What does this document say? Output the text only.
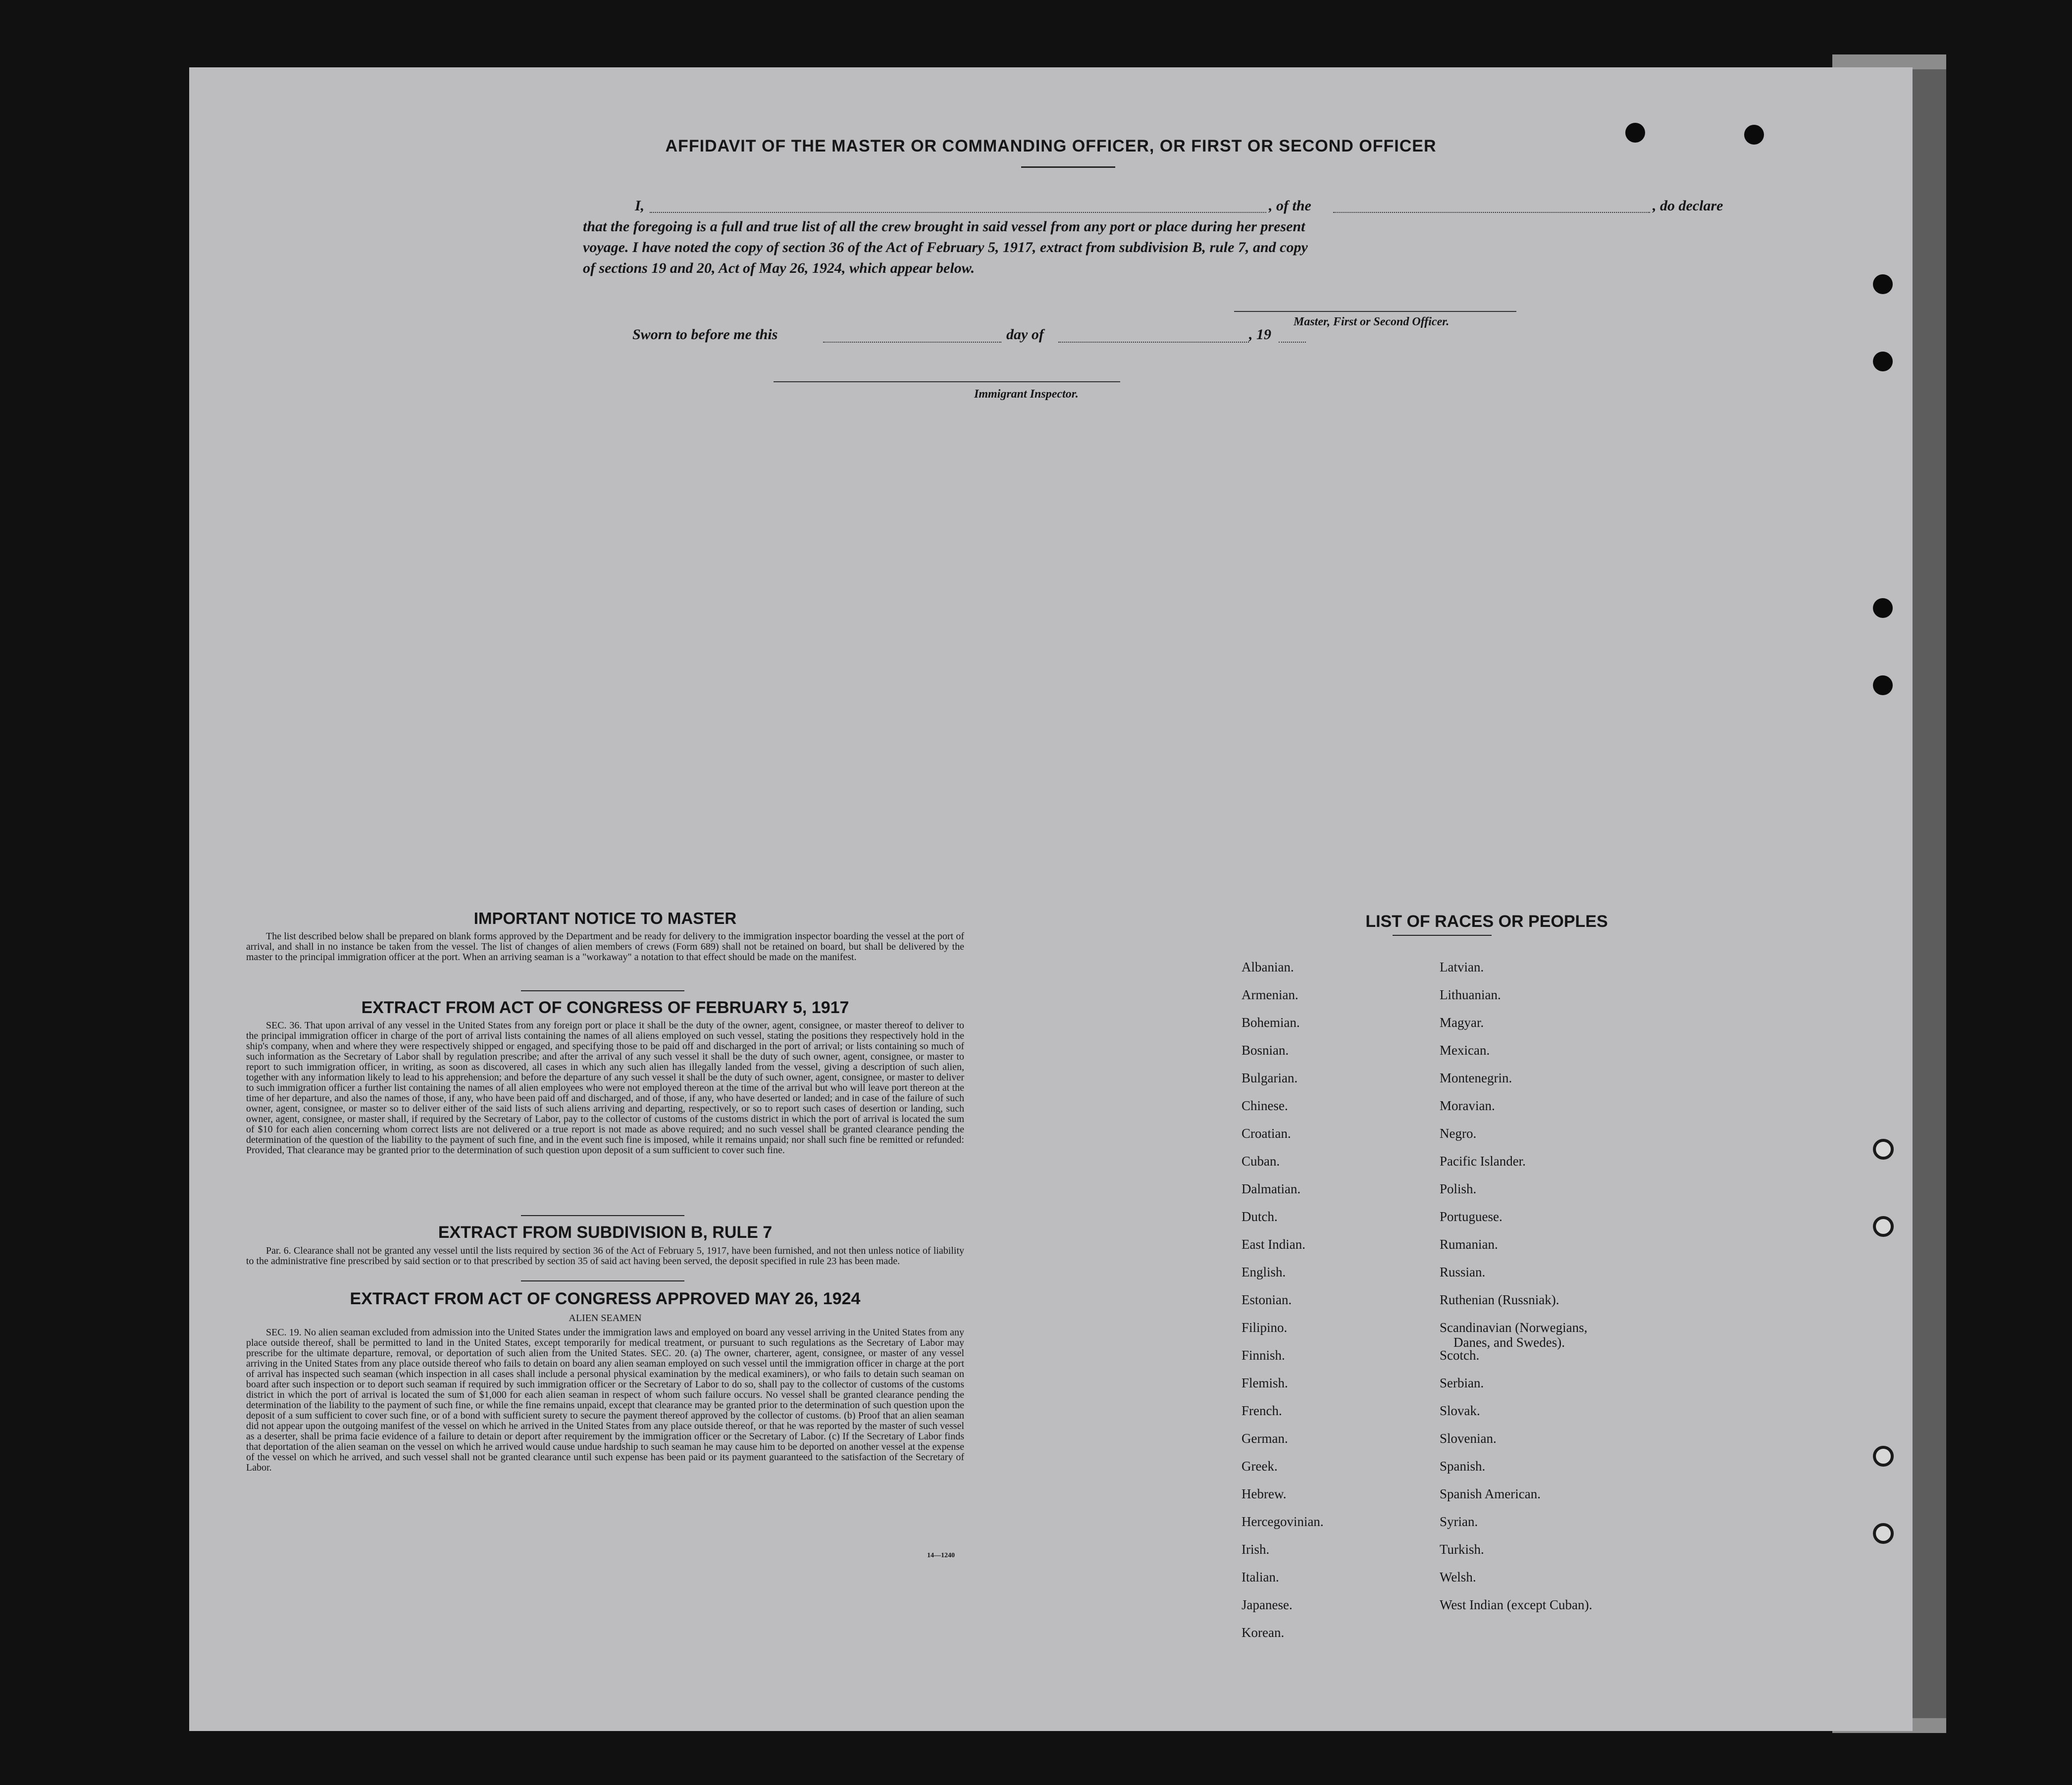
AFFIDAVIT OF THE MASTER OR COMMANDING OFFICER, OR FIRST OR SECOND OFFICER
I,	, of the	, do declare
that the foregoing is a full and true list of all the crew brought in said vessel from any port or place during her present
voyage. I have noted the copy of section 36 of the Act of February 5, 1917, extract from subdivision B, rule 7, and copy
of sections 19 and 20, Act of May 26, 1924, which appear below.
Master, First or Second Officer.
Sworn to before me this	day of	, 19
Immigrant Inspector.
IMPORTANT NOTICE TO MASTER
The list described below shall be prepared on blank forms approved by the Department and be ready for delivery to the immigration inspector boarding the vessel at the port of arrival, and shall in no instance be taken from the vessel. The list of changes of alien members of crews (Form 689) shall not be retained on board, but shall be delivered by the master to the principal immigration officer at the port. When an arriving seaman is a "workaway" a notation to that effect should be made on the manifest.
EXTRACT FROM ACT OF CONGRESS OF FEBRUARY 5, 1917
SEC. 36. That upon arrival of any vessel in the United States from any foreign port or place it shall be the duty of the owner, agent, consignee, or master thereof to deliver to the principal immigration officer in charge of the port of arrival lists containing the names of all aliens employed on such vessel, stating the positions they respectively hold in the ship's company, when and where they were respectively shipped or engaged, and specifying those to be paid off and discharged in the port of arrival; or lists containing so much of such information as the Secretary of Labor shall by regulation prescribe; and after the arrival of any such vessel it shall be the duty of such owner, agent, consignee, or master to report to such immigration officer, in writing, as soon as discovered, all cases in which any such alien has illegally landed from the vessel, giving a description of such alien, together with any information likely to lead to his apprehension; and before the departure of any such vessel it shall be the duty of such owner, agent, consignee, or master to deliver to such immigration officer a further list containing the names of all alien employees who were not employed thereon at the time of the arrival but who will leave port thereon at the time of her departure, and also the names of those, if any, who have been paid off and discharged, and of those, if any, who have deserted or landed; and in case of the failure of such owner, agent, consignee, or master so to deliver either of the said lists of such aliens arriving and departing, respectively, or so to report such cases of desertion or landing, such owner, agent, consignee, or master shall, if required by the Secretary of Labor, pay to the collector of customs of the customs district in which the port of arrival is located the sum of $10 for each alien concerning whom correct lists are not delivered or a true report is not made as above required; and no such vessel shall be granted clearance pending the determination of the question of the liability to the payment of such fine, and in the event such fine is imposed, while it remains unpaid; nor shall such fine be remitted or refunded: Provided, That clearance may be granted prior to the determination of such question upon deposit of a sum sufficient to cover such fine.
EXTRACT FROM SUBDIVISION B, RULE 7
Par. 6. Clearance shall not be granted any vessel until the lists required by section 36 of the Act of February 5, 1917, have been furnished, and not then unless notice of liability to the administrative fine prescribed by said section or to that prescribed by section 35 of said act having been served, the deposit specified in rule 23 has been made.
EXTRACT FROM ACT OF CONGRESS APPROVED MAY 26, 1924
ALIEN SEAMEN
SEC. 19. No alien seaman excluded from admission into the United States under the immigration laws and employed on board any vessel arriving in the United States from any place outside thereof, shall be permitted to land in the United States, except temporarily for medical treatment, or pursuant to such regulations as the Secretary of Labor may prescribe for the ultimate departure, removal, or deportation of such alien from the United States. SEC. 20. (a) The owner, charterer, agent, consignee, or master of any vessel arriving in the United States from any place outside thereof who fails to detain on board any alien seaman employed on such vessel until the immigration officer in charge at the port of arrival has inspected such seaman (which inspection in all cases shall include a personal physical examination by the medical examiners), or who fails to detain such seaman on board after such inspection or to deport such seaman if required by such immigration officer or the Secretary of Labor to do so, shall pay to the collector of customs of the customs district in which the port of arrival is located the sum of $1,000 for each alien seaman in respect of whom such failure occurs. No vessel shall be granted clearance pending the determination of the liability to the payment of such fine, or while the fine remains unpaid, except that clearance may be granted prior to the determination of such question upon the deposit of a sum sufficient to cover such fine, or of a bond with sufficient surety to secure the payment thereof approved by the collector of customs. (b) Proof that an alien seaman did not appear upon the outgoing manifest of the vessel on which he arrived in the United States from any place outside thereof, or that he was reported by the master of such vessel as a deserter, shall be prima facie evidence of a failure to detain or deport after requirement by the immigration officer or the Secretary of Labor. (c) If the Secretary of Labor finds that deportation of the alien seaman on the vessel on which he arrived would cause undue hardship to such seaman he may cause him to be deported on another vessel at the expense of the vessel on which he arrived, and such vessel shall not be granted clearance until such expense has been paid or its payment guaranteed to the satisfaction of the Secretary of Labor.
14—1240
LIST OF RACES OR PEOPLES
Albanian.
Armenian.
Bohemian.
Bosnian.
Bulgarian.
Chinese.
Croatian.
Cuban.
Dalmatian.
Dutch.
East Indian.
English.
Estonian.
Filipino.
Finnish.
Flemish.
French.
German.
Greek.
Hebrew.
Hercegovinian.
Irish.
Italian.
Japanese.
Korean.
Latvian.
Lithuanian.
Magyar.
Mexican.
Montenegrin.
Moravian.
Negro.
Pacific Islander.
Polish.
Portuguese.
Rumanian.
Russian.
Ruthenian (Russniak).
Scandinavian (Norwegians,
Danes, and Swedes).
Scotch.
Serbian.
Slovak.
Slovenian.
Spanish.
Spanish American.
Syrian.
Turkish.
Welsh.
West Indian (except Cuban).
